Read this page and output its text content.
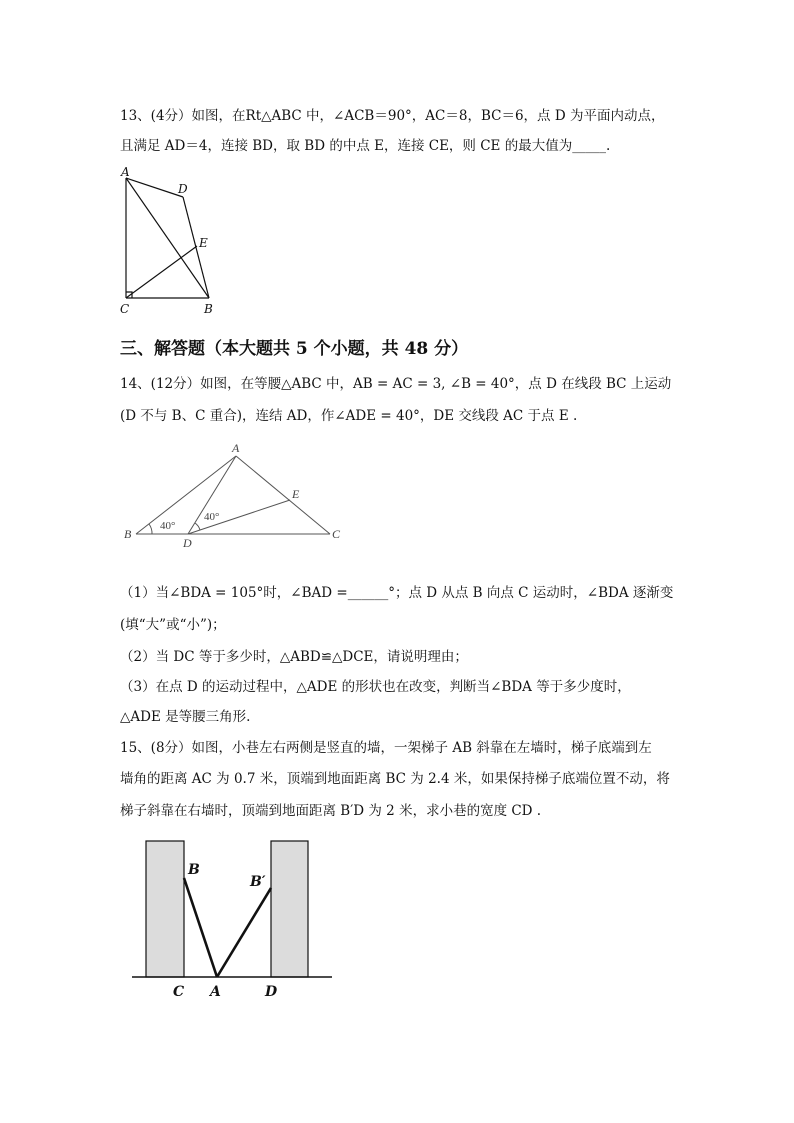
13、(4分）如图，在Rt△ABC 中，∠ACB＝90°，AC＝8，BC＝6，点 D 为平面内动点，
且满足 AD＝4，连接 BD，取 BD 的中点 E，连接 CE，则 CE 的最大值为_____.
A
D
E
C	B
三、解答题（本大题共 5 个小题，共 48 分）
14、(12分）如图，在等腰△ABC 中，AB = AC = 3, ∠B = 40°，点 D 在线段 BC 上运动
(D 不与 B、C 重合)，连结 AD，作∠ADE = 40°，DE 交线段 AC 于点 E .
A
E
B
D
C
40°
40°
（1）当∠BDA = 105°时，∠BAD =______°；点 D 从点 B 向点 C 运动时，∠BDA 逐渐变
(填“大”或“小”)；
（2）当 DC 等于多少时，△ABD≌△DCE，请说明理由；
（3）在点 D 的运动过程中，△ADE 的形状也在改变，判断当∠BDA 等于多少度时，
△ADE 是等腰三角形.
15、(8分）如图，小巷左右两侧是竖直的墙，一架梯子 AB 斜靠在左墙时，梯子底端到左
墙角的距离 AC 为 0.7 米，顶端到地面距离 BC 为 2.4 米，如果保持梯子底端位置不动，将
梯子斜靠在右墙时，顶端到地面距离 B′D 为 2 米，求小巷的宽度 CD .
B
B′
C A	D
